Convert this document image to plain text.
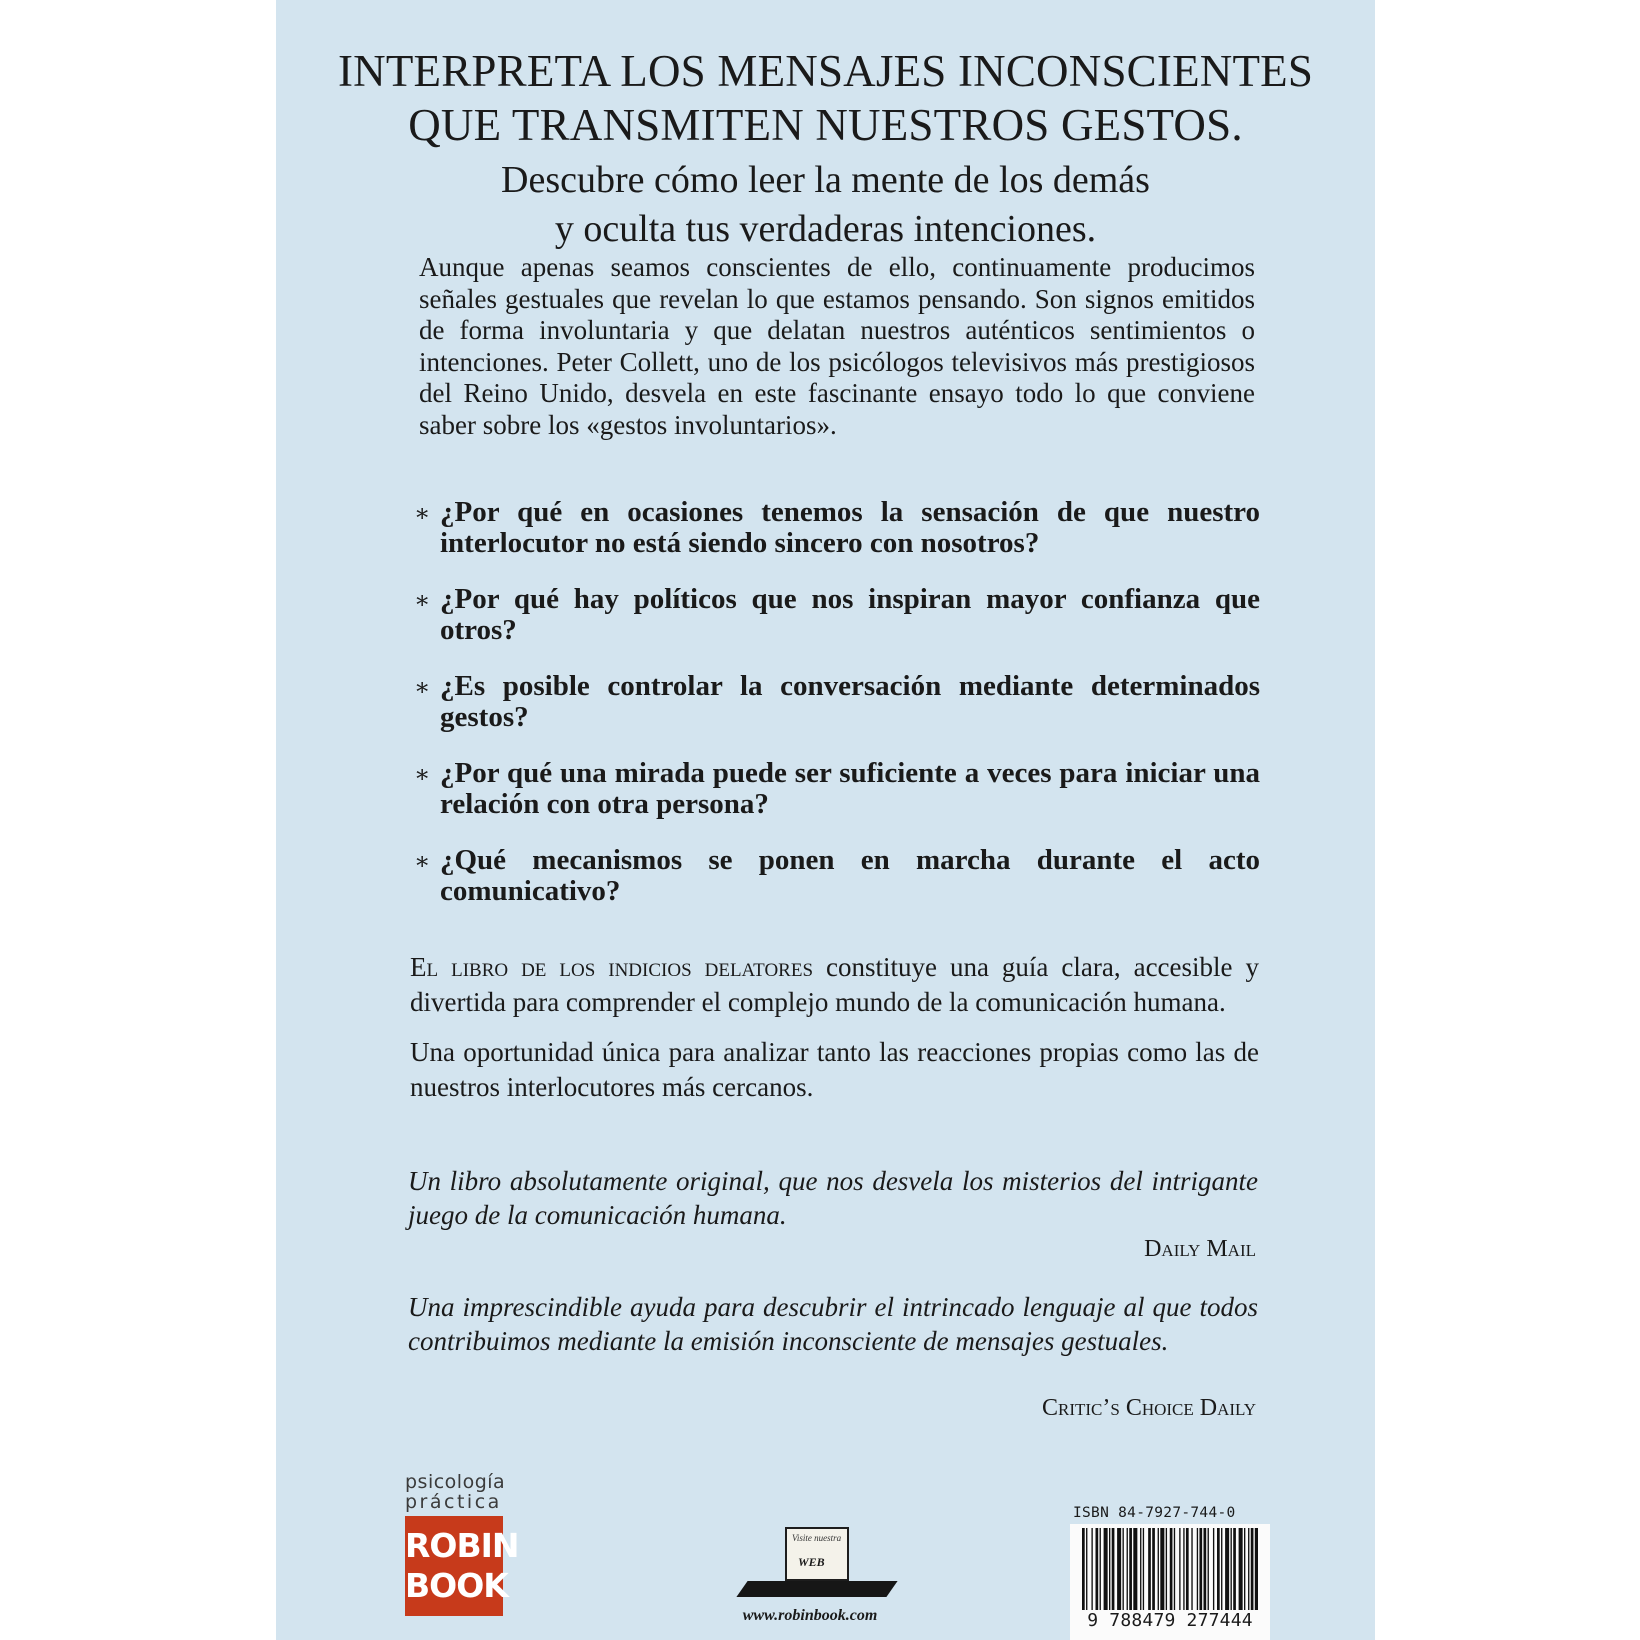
INTERPRETA LOS MENSAJES INCONSCIENTES
QUE TRANSMITEN NUESTROS GESTOS.
Descubre cómo leer la mente de los demás
y oculta tus verdaderas intenciones.

Aunque apenas seamos conscientes de ello, continuamente producimos señales gestuales que revelan lo que estamos pensando. Son signos emitidos de forma involuntaria y que delatan nuestros auténticos sentimientos o intenciones. Peter Collett, uno de los psicólogos televisivos más prestigiosos del Reino Unido, desvela en este fascinante ensayo todo lo que conviene saber sobre los «gestos involuntarios».

∗ ¿Por qué en ocasiones tenemos la sensación de que nuestro interlocutor no está siendo sincero con nosotros?
∗ ¿Por qué hay políticos que nos inspiran mayor confianza que otros?
∗ ¿Es posible controlar la conversación mediante determinados gestos?
∗ ¿Por qué una mirada puede ser suficiente a veces para iniciar una relación con otra persona?
∗ ¿Qué mecanismos se ponen en marcha durante el acto comunicativo?

El libro de los indicios delatores constituye una guía clara, accesible y divertida para comprender el complejo mundo de la comunicación humana.

Una oportunidad única para analizar tanto las reacciones propias como las de nuestros interlocutores más cercanos.

Un libro absolutamente original, que nos desvela los misterios del intrigante juego de la comunicación humana.

Daily Mail

Una imprescindible ayuda para descubrir el intrincado lenguaje al que todos contribuimos mediante la emisión inconsciente de mensajes gestuales.

Critic’s Choice Daily
psicología
práctica
ROBIN
BOOK
Visite nuestra
WEB
www.robinbook.com
ISBN 84-7927-744-0
9 788479 277444
